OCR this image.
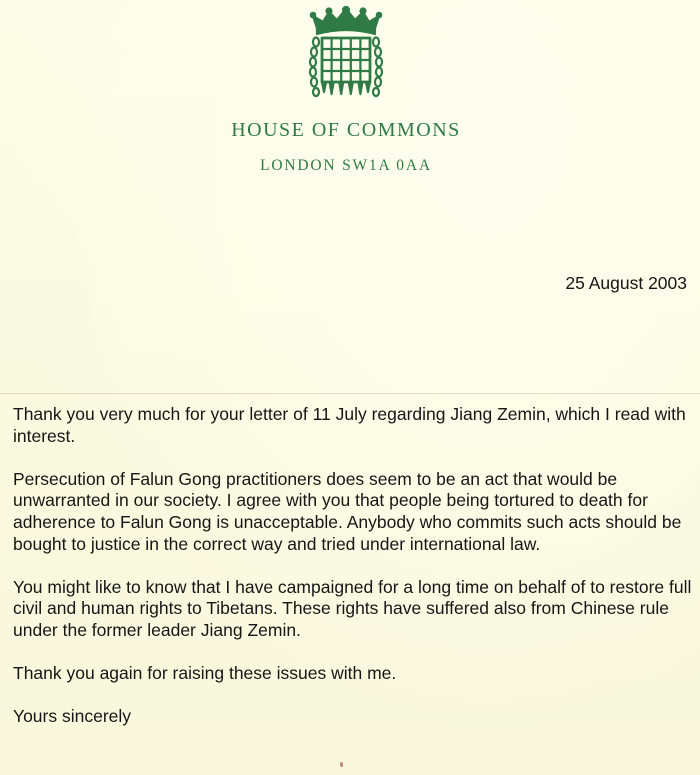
HOUSE OF COMMONS
LONDON SW1A 0AA
25 August 2003

Thank you very much for your letter of 11 July regarding Jiang Zemin, which I read with interest.

Persecution of Falun Gong practitioners does seem to be an act that would be unwarranted in our society. I agree with you that people being tortured to death for adherence to Falun Gong is unacceptable. Anybody who commits such acts should be bought to justice in the correct way and tried under international law.

You might like to know that I have campaigned for a long time on behalf of to restore full civil and human rights to Tibetans. These rights have suffered also from Chinese rule under the former leader Jiang Zemin.

Thank you again for raising these issues with me.

Yours sincerely
